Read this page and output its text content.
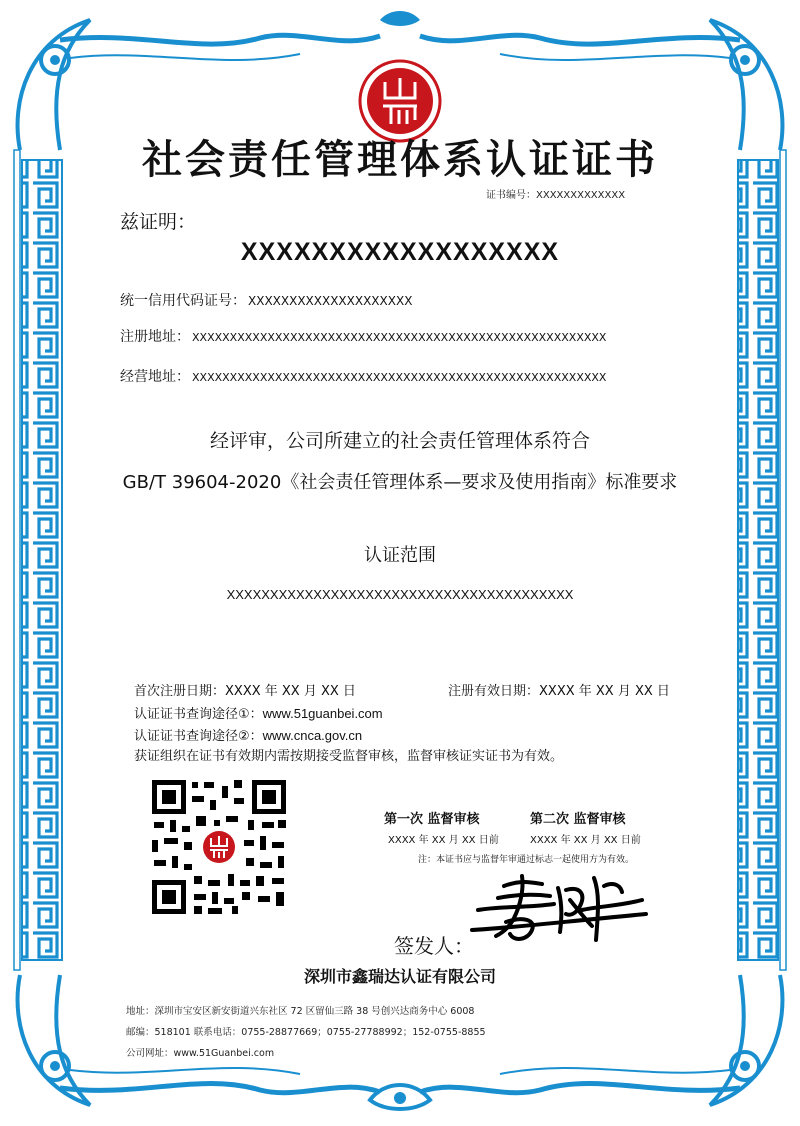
社会责任管理体系认证证书
证书编号：XXXXXXXXXXXXX
兹证明：
XXXXXXXXXXXXXXXXXX
统一信用代码证号： XXXXXXXXXXXXXXXXXXXX
注册地址： XXXXXXXXXXXXXXXXXXXXXXXXXXXXXXXXXXXXXXXXXXXXXXXXXXXXXXX
经营地址： XXXXXXXXXXXXXXXXXXXXXXXXXXXXXXXXXXXXXXXXXXXXXXXXXXXXXXX
经评审，公司所建立的社会责任管理体系符合
GB/T 39604-2020《社会责任管理体系—要求及使用指南》标准要求
认证范围
XXXXXXXXXXXXXXXXXXXXXXXXXXXXXXXXXXXXXXXX
首次注册日期：XXXX 年 XX 月 XX 日	注册有效日期：XXXX 年 XX 月 XX 日
认证证书查询途径①：www.51guanbei.com
认证证书查询途径②：www.cnca.gov.cn
获证组织在证书有效期内需按期接受监督审核，监督审核证实证书为有效。
第一次 监督审核	第二次 监督审核
XXXX 年 XX 月 XX 日前	XXXX 年 XX 月 XX 日前
注：本证书应与监督年审通过标志一起使用方为有效。
签发人：
深圳市鑫瑞达认证有限公司
地址：深圳市宝安区新安街道兴东社区 72 区留仙三路 38 号创兴达商务中心 6008
邮编：518101 联系电话：0755-28877669；0755-27788992；152-0755-8855
公司网址：www.51Guanbei.com
